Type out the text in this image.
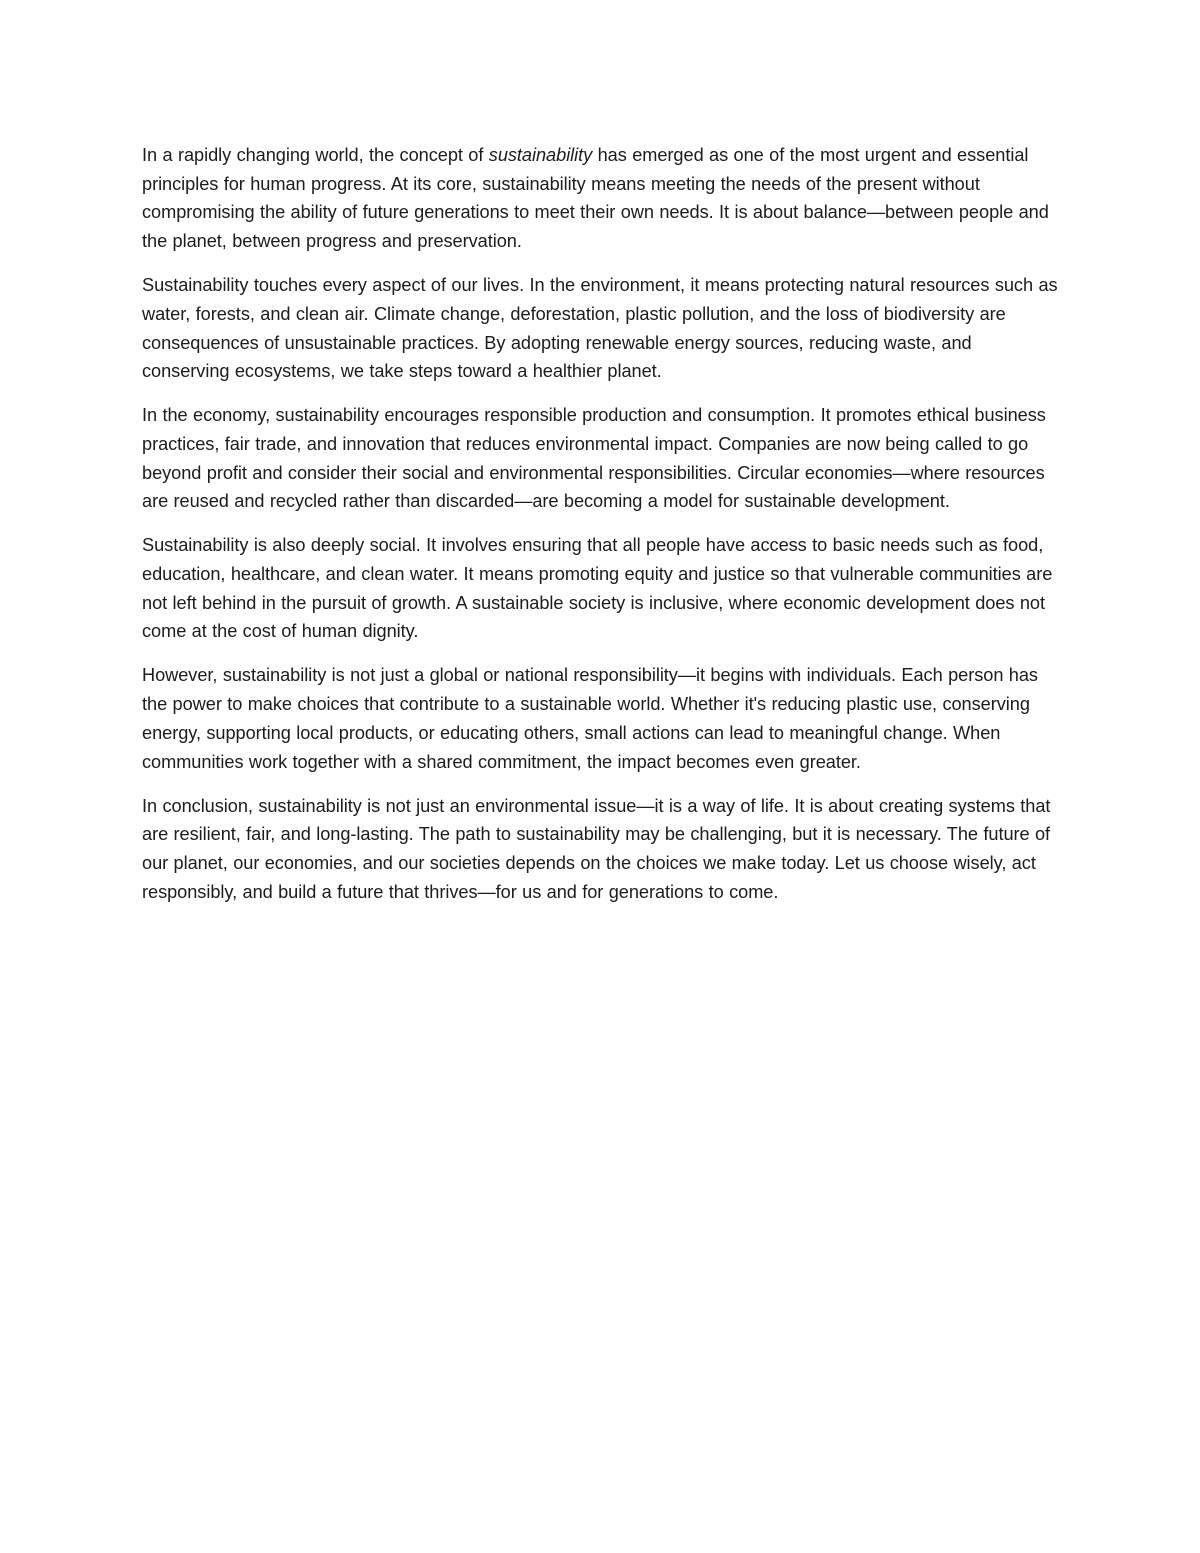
In a rapidly changing world, the concept of sustainability has emerged as one of the most urgent and essential principles for human progress. At its core, sustainability means meeting the needs of the present without compromising the ability of future generations to meet their own needs. It is about balance—between people and the planet, between progress and preservation.

Sustainability touches every aspect of our lives. In the environment, it means protecting natural resources such as water, forests, and clean air. Climate change, deforestation, plastic pollution, and the loss of biodiversity are consequences of unsustainable practices. By adopting renewable energy sources, reducing waste, and conserving ecosystems, we take steps toward a healthier planet.

In the economy, sustainability encourages responsible production and consumption. It promotes ethical business practices, fair trade, and innovation that reduces environmental impact. Companies are now being called to go beyond profit and consider their social and environmental responsibilities. Circular economies—where resources are reused and recycled rather than discarded—are becoming a model for sustainable development.

Sustainability is also deeply social. It involves ensuring that all people have access to basic needs such as food, education, healthcare, and clean water. It means promoting equity and justice so that vulnerable communities are not left behind in the pursuit of growth. A sustainable society is inclusive, where economic development does not come at the cost of human dignity.

However, sustainability is not just a global or national responsibility—it begins with individuals. Each person has the power to make choices that contribute to a sustainable world. Whether it's reducing plastic use, conserving energy, supporting local products, or educating others, small actions can lead to meaningful change. When communities work together with a shared commitment, the impact becomes even greater.

In conclusion, sustainability is not just an environmental issue—it is a way of life. It is about creating systems that are resilient, fair, and long-lasting. The path to sustainability may be challenging, but it is necessary. The future of our planet, our economies, and our societies depends on the choices we make today. Let us choose wisely, act responsibly, and build a future that thrives—for us and for generations to come.
